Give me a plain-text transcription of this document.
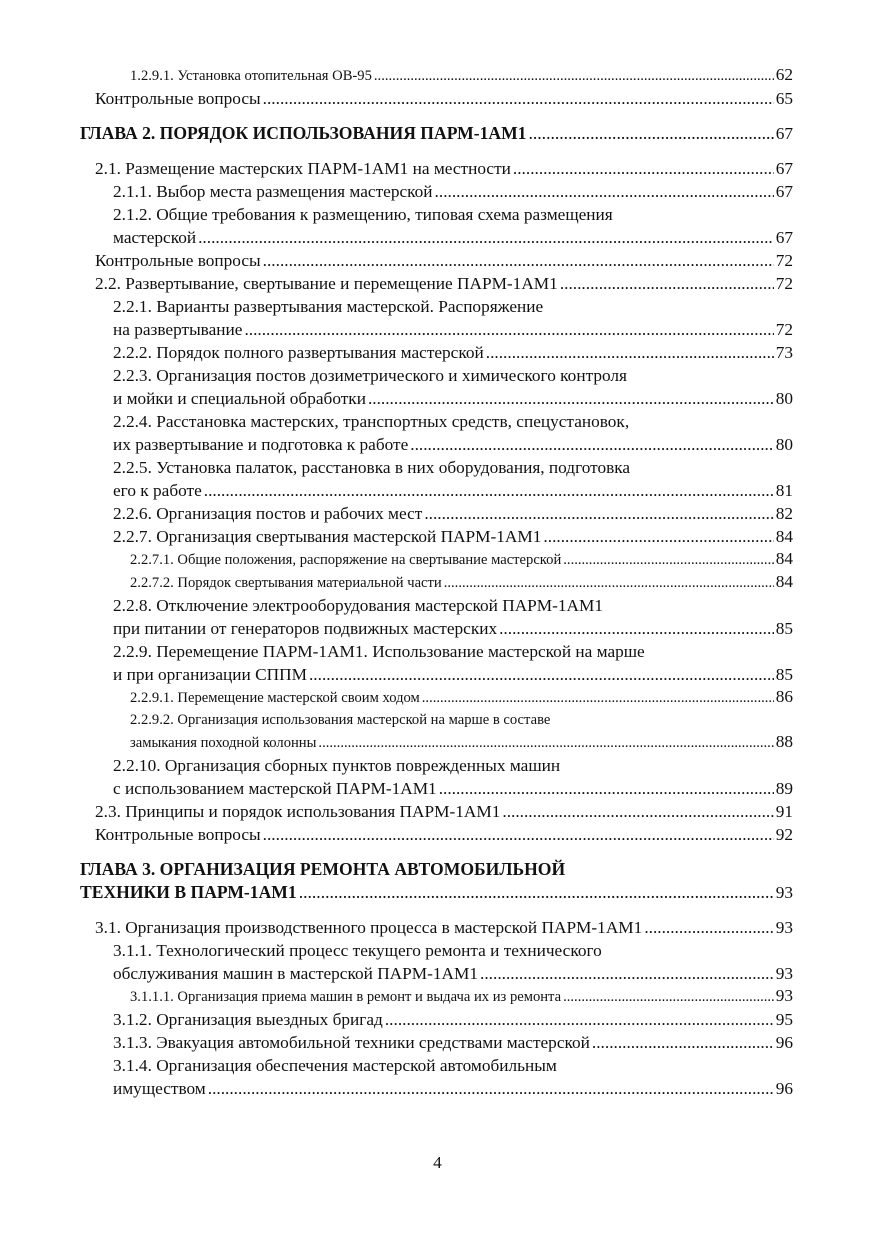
1.2.9.1. Установка отопительная ОВ-95 .....	62
Контрольные вопросы .....	65
ГЛАВА 2. ПОРЯДОК ИСПОЛЬЗОВАНИЯ ПАРМ-1АМ1 .....	67
2.1. Размещение мастерских ПАРМ-1АМ1 на местности .....	67
2.1.1. Выбор места размещения мастерской .....	67
2.1.2. Общие требования к размещению, типовая схема размещения
мастерской .....	67
Контрольные вопросы .....	72
2.2. Развертывание, свертывание и перемещение ПАРМ-1АМ1 .....	72
2.2.1. Варианты развертывания мастерской. Распоряжение
на развертывание .....	72
2.2.2. Порядок полного развертывания мастерской .....	73
2.2.3. Организация постов дозиметрического и химического контроля
и мойки и специальной обработки .....	80
2.2.4. Расстановка мастерских, транспортных средств, спецустановок,
их развертывание и подготовка к работе .....	80
2.2.5. Установка палаток, расстановка в них оборудования, подготовка
его к работе .....	81
2.2.6. Организация постов и рабочих мест .....	82
2.2.7. Организация свертывания мастерской ПАРМ-1АМ1 .....	84
2.2.7.1. Общие положения, распоряжение на свертывание мастерской .....	84
2.2.7.2. Порядок свертывания материальной части .....	84
2.2.8. Отключение электрооборудования мастерской ПАРМ-1АМ1
при питании от генераторов подвижных мастерских .....	85
2.2.9. Перемещение ПАРМ-1АМ1. Использование мастерской на марше
и при организации СППМ .....	85
2.2.9.1. Перемещение мастерской своим ходом .....	86
2.2.9.2. Организация использования мастерской на марше в составе
замыкания походной колонны .....	88
2.2.10. Организация сборных пунктов поврежденных машин
с использованием мастерской ПАРМ-1АМ1 .....	89
2.3. Принципы и порядок использования ПАРМ-1АМ1 .....	91
Контрольные вопросы .....	92
ГЛАВА 3. ОРГАНИЗАЦИЯ РЕМОНТА АВТОМОБИЛЬНОЙ
ТЕХНИКИ В ПАРМ-1АМ1 .....	93
3.1. Организация производственного процесса в мастерской ПАРМ-1АМ1 .....	93
3.1.1. Технологический процесс текущего ремонта и технического
обслуживания машин в мастерской ПАРМ-1АМ1 .....	93
3.1.1.1. Организация приема машин в ремонт и выдача их из ремонта .....	93
3.1.2. Организация выездных бригад .....	95
3.1.3. Эвакуация автомобильной техники средствами мастерской .....	96
3.1.4. Организация обеспечения мастерской автомобильным
имуществом .....	96
4
